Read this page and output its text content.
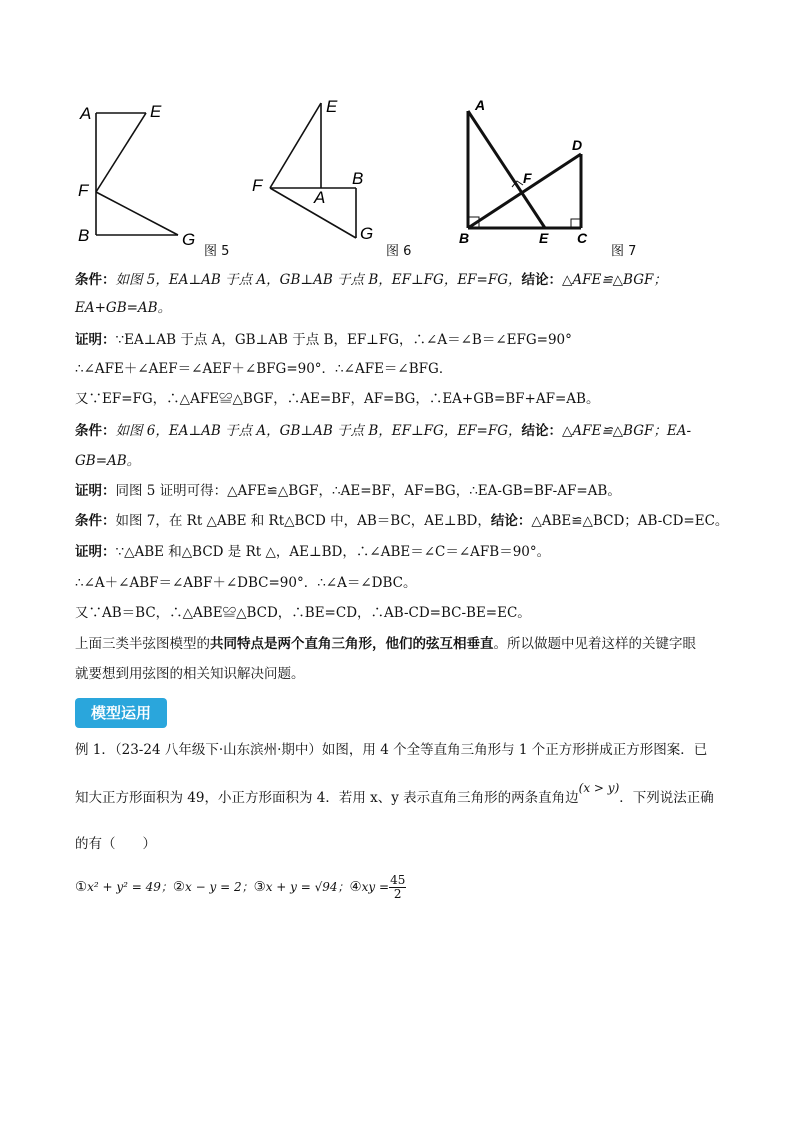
A	E
F
B	G
图 5
E
F	B
A
G
图 6
A
D
F
B	E C
图 7
条件：如图 5，EA⊥AB 于点 A，GB⊥AB 于点 B，EF⊥FG，EF=FG，结论：△AFE≌△BGF；
EA+GB=AB。
证明：∵EA⊥AB 于点 A，GB⊥AB 于点 B，EF⊥FG，∴∠A＝∠B＝∠EFG=90°
∴∠AFE＋∠AEF＝∠AEF＋∠BFG=90°．∴∠AFE＝∠BFG．
又∵EF=FG，∴△AFE≌△BGF，∴AE=BF，AF=BG，∴EA+GB=BF+AF=AB。
条件：如图 6，EA⊥AB 于点 A，GB⊥AB 于点 B，EF⊥FG，EF=FG，结论：△AFE≌△BGF；EA-
GB=AB。
证明：同图 5 证明可得：△AFE≌△BGF，∴AE=BF，AF=BG，∴EA-GB=BF-AF=AB。
条件：如图 7，在 Rt △ABE 和 Rt△BCD 中，AB＝BC，AE⊥BD，结论：△ABE≌△BCD；AB-CD=EC。
证明：∵△ABE 和△BCD 是 Rt △，AE⊥BD，∴∠ABE＝∠C＝∠AFB＝90°。
∴∠A＋∠ABF＝∠ABF＋∠DBC=90°．∴∠A＝∠DBC。
又∵AB＝BC，∴△ABE≌△BCD，∴BE=CD，∴AB-CD=BC-BE=EC。
上面三类半弦图模型的共同特点是两个直角三角形，他们的弦互相垂直。所以做题中见着这样的关键字眼
就要想到用弦图的相关知识解决问题。
模型运用
例 1．（23-24 八年级下·山东滨州·期中）如图，用 4 个全等直角三角形与 1 个正方形拼成正方形图案．已
知大正方形面积为 49，小正方形面积为 4．若用 x、y 表示直角三角形的两条直角边(x > y)．下列说法正确
的有（　　）
①x² + y² = 49；②x − y = 2；③x + y = √94；④xy = $\frac{45}{2}$
